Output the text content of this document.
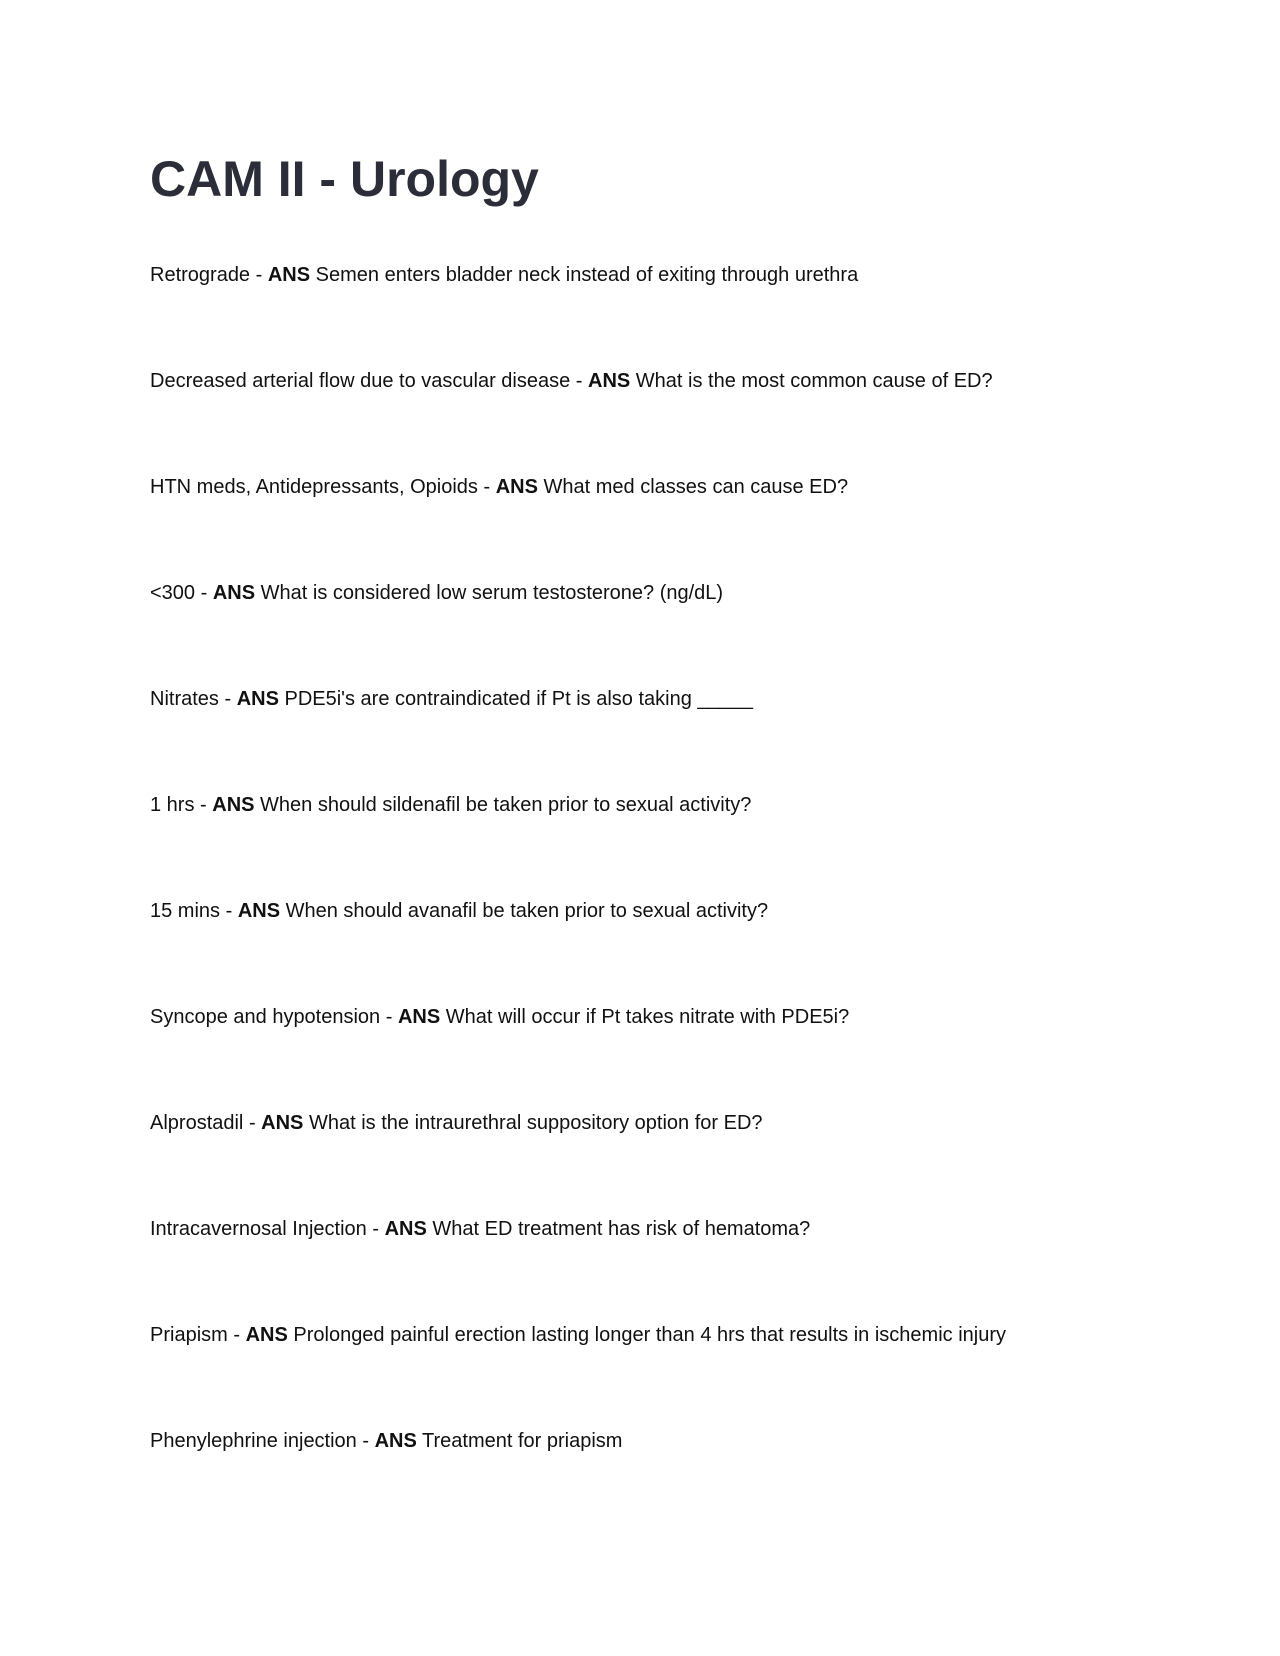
CAM II - Urology
Retrograde - ANS Semen enters bladder neck instead of exiting through urethra
Decreased arterial flow due to vascular disease - ANS What is the most common cause of ED?
HTN meds, Antidepressants, Opioids - ANS What med classes can cause ED?
<300 - ANS What is considered low serum testosterone? (ng/dL)
Nitrates - ANS PDE5i's are contraindicated if Pt is also taking _____
1 hrs - ANS When should sildenafil be taken prior to sexual activity?
15 mins - ANS When should avanafil be taken prior to sexual activity?
Syncope and hypotension - ANS What will occur if Pt takes nitrate with PDE5i?
Alprostadil - ANS What is the intraurethral suppository option for ED?
Intracavernosal Injection - ANS What ED treatment has risk of hematoma?
Priapism - ANS Prolonged painful erection lasting longer than 4 hrs that results in ischemic injury
Phenylephrine injection - ANS Treatment for priapism
